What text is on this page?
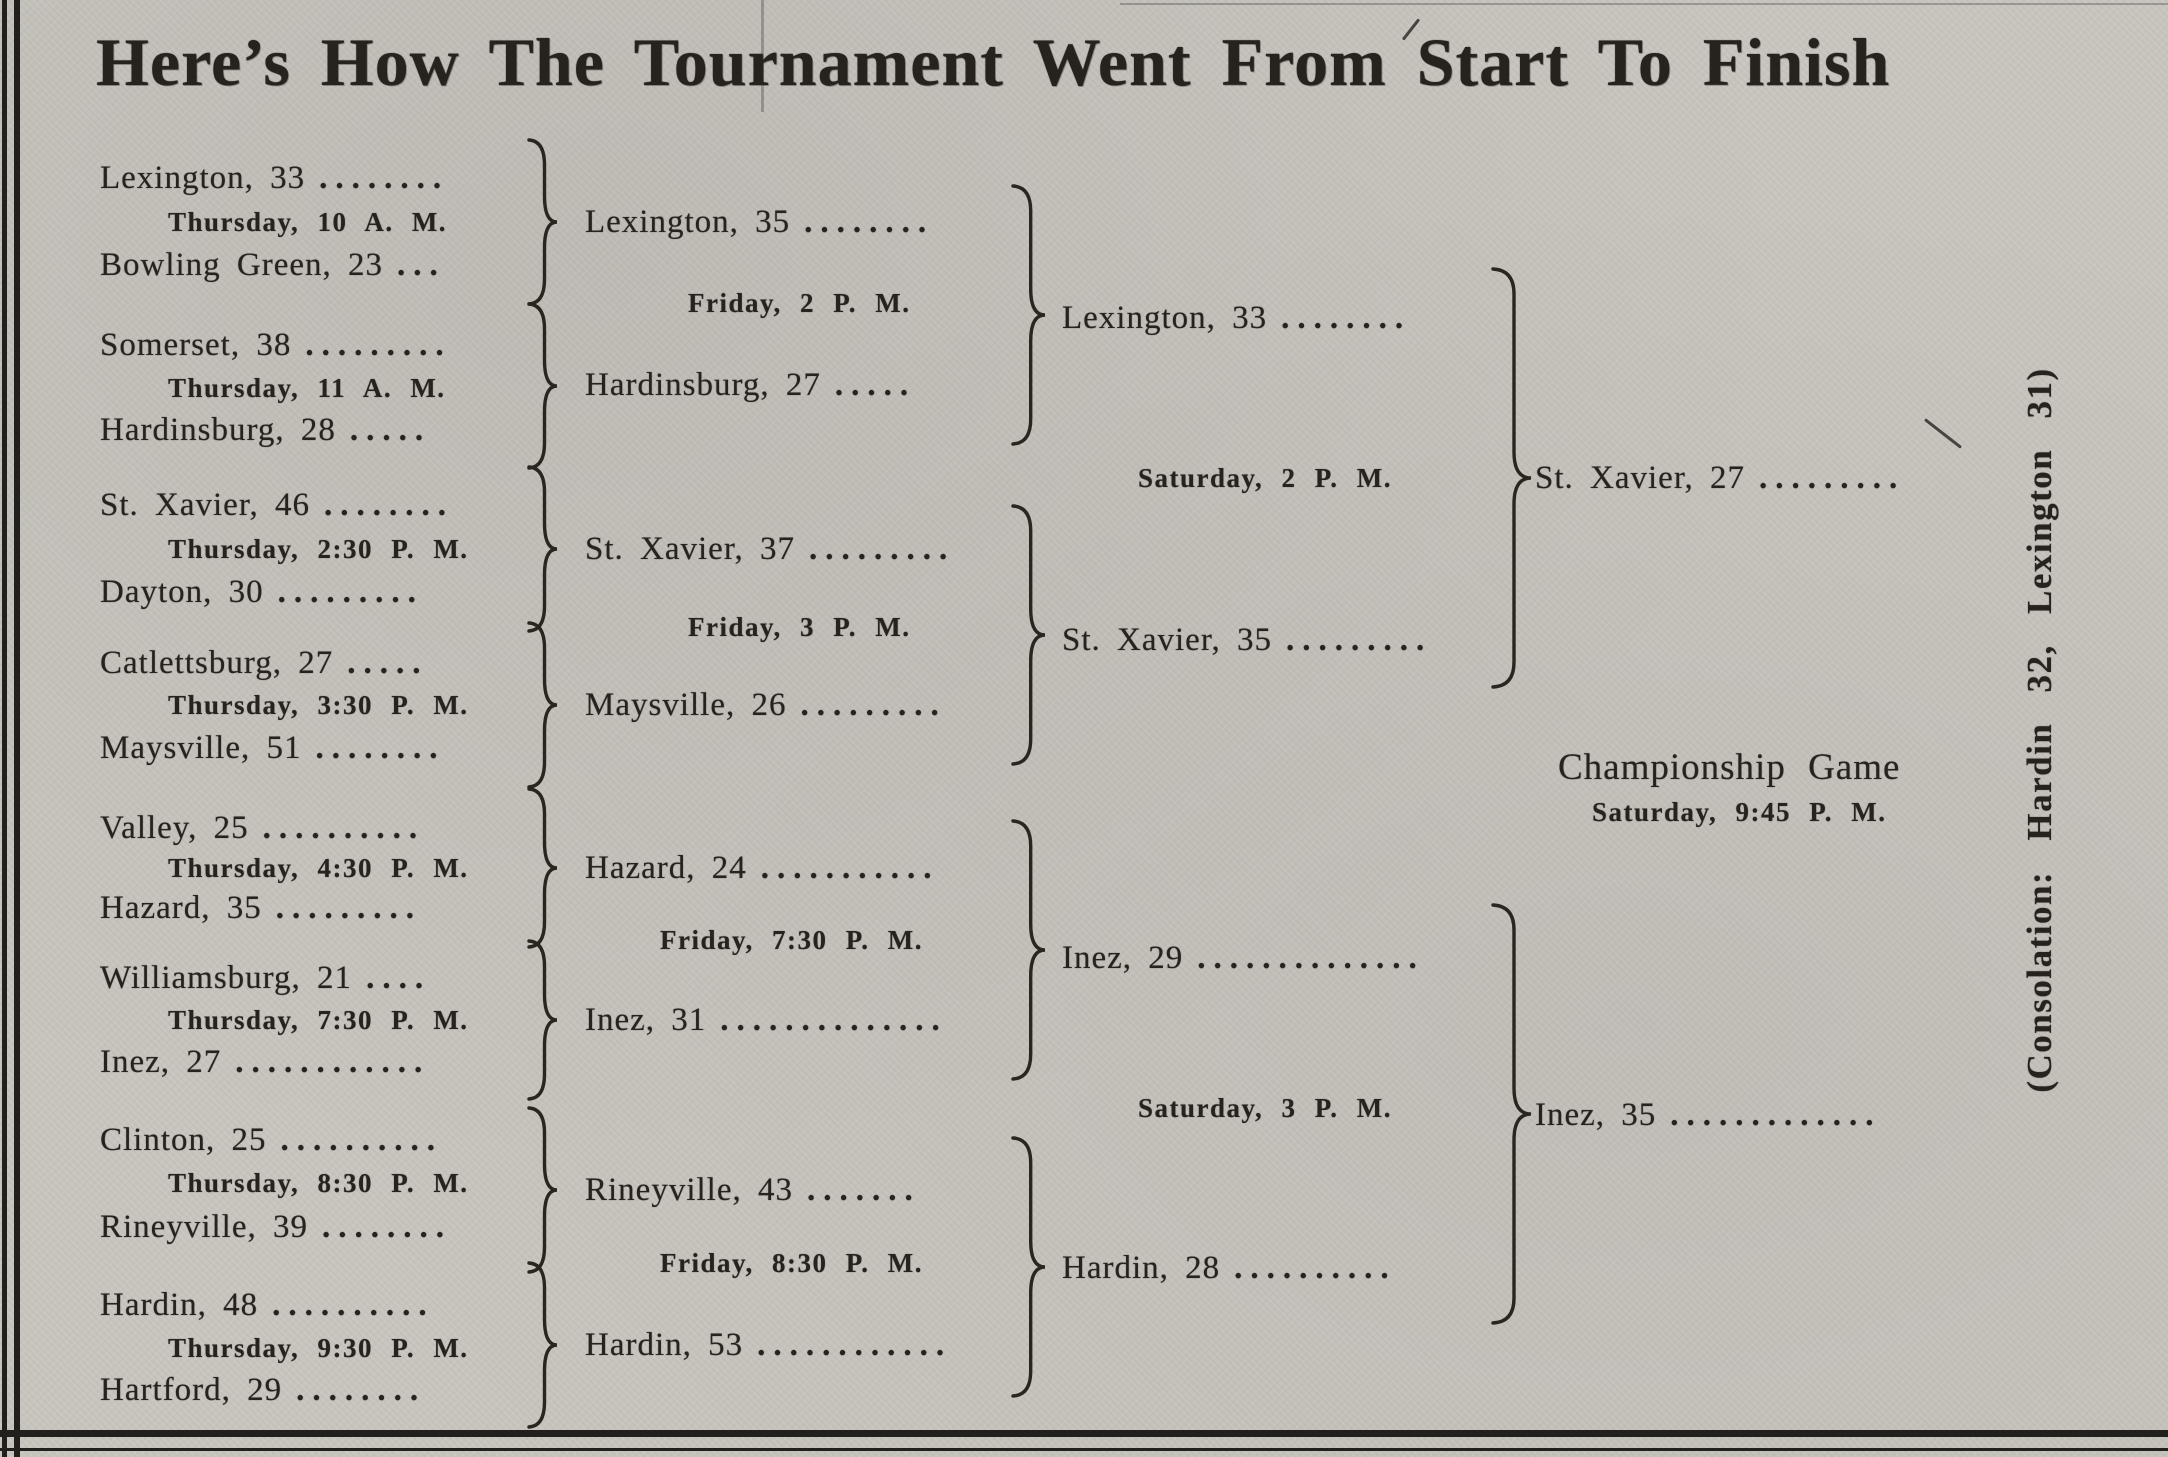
Here’s How The Tournament Went From Start To Finish
Lexington, 33 ........
Thursday, 10 A. M.
Bowling Green, 23 ...
Somerset, 38 .........
Thursday, 11 A. M.
Hardinsburg, 28 .....
St. Xavier, 46 ........
Thursday, 2:30 P. M.
Dayton, 30 .........
Catlettsburg, 27 .....
Thursday, 3:30 P. M.
Maysville, 51 ........
Valley, 25 ..........
Thursday, 4:30 P. M.
Hazard, 35 .........
Williamsburg, 21 ....
Thursday, 7:30 P. M.
Inez, 27 ............
Clinton, 25 ..........
Thursday, 8:30 P. M.
Rineyville, 39 ........
Hardin, 48 ..........
Thursday, 9:30 P. M.
Hartford, 29 ........
Lexington, 35 ........
Friday, 2 P. M.
Hardinsburg, 27 .....
St. Xavier, 37 .........
Friday, 3 P. M.
Maysville, 26 .........
Hazard, 24 ...........
Friday, 7:30 P. M.
Inez, 31 ..............
Rineyville, 43 .......
Friday, 8:30 P. M.
Hardin, 53 ............
Lexington, 33 ........
Saturday, 2 P. M.
St. Xavier, 35 .........
Inez, 29 ..............
Saturday, 3 P. M.
Hardin, 28 ..........
St. Xavier, 27 .........
Championship Game
Saturday, 9:45 P. M.
Inez, 35 .............
(Consolation: Hardin 32, Lexington 31)
